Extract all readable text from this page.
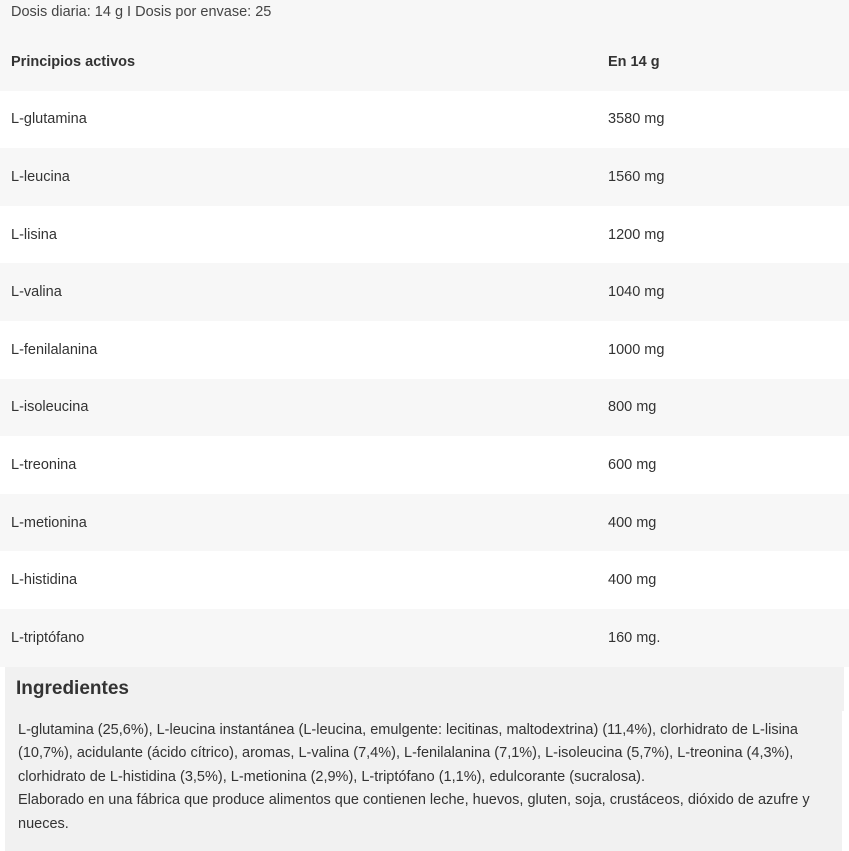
Dosis diaria: 14 g I Dosis por envase: 25
Principios activos	En 14 g
L-glutamina	3580 mg
L-leucina	1560 mg
L-lisina	1200 mg
L-valina	1040 mg
L-fenilalanina	1000 mg
L-isoleucina	800 mg
L-treonina	600 mg
L-metionina	400 mg
L-histidina	400 mg
L-triptófano	160 mg.
Ingredientes

L-glutamina (25,6%), L-leucina instantánea (L-leucina, emulgente: lecitinas, maltodextrina) (11,4%), clorhidrato de L-lisina (10,7%), acidulante (ácido cítrico), aromas, L-valina (7,4%), L-fenilalanina (7,1%), L-isoleucina (5,7%), L-treonina (4,3%), clorhidrato de L-histidina (3,5%), L-metionina (2,9%), L-triptófano (1,1%), edulcorante (sucralosa).

Elaborado en una fábrica que produce alimentos que contienen leche, huevos, gluten, soja, crustáceos, dióxido de azufre y nueces.
